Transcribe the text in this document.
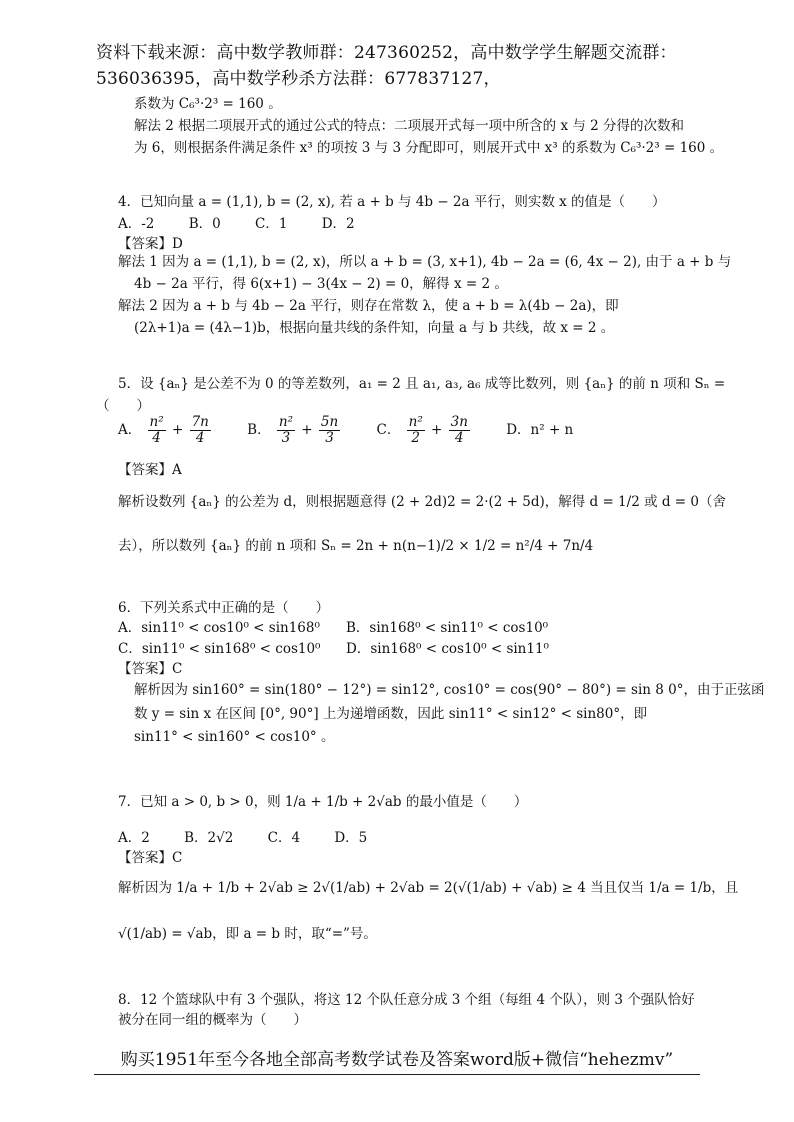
资料下载来源：高中数学教师群：247360252，高中数学学生解题交流群：
536036395，高中数学秒杀方法群：677837127，
系数为 C₆³·2³ = 160 。
解法 2 根据二项展开式的通过公式的特点：二项展开式每一项中所含的 x 与 2 分得的次数和
为 6，则根据条件满足条件 x³ 的项按 3 与 3 分配即可，则展开式中 x³ 的系数为 C₆³·2³ = 160 。
4．已知向量 a = (1,1), b = (2, x), 若 a + b 与 4b − 2a 平行，则实数 x 的值是（　　）
A．-2	B．0	C．1	D．2
【答案】D
解法 1 因为 a = (1,1), b = (2, x)，所以 a + b = (3, x+1), 4b − 2a = (6, 4x − 2), 由于 a + b 与
4b − 2a 平行，得 6(x+1) − 3(4x − 2) = 0，解得 x = 2 。
解法 2 因为 a + b 与 4b − 2a 平行，则存在常数 λ，使 a + b = λ(4b − 2a)，即
(2λ+1)a = (4λ−1)b，根据向量共线的条件知，向量 a 与 b 共线，故 x = 2 。
5．设 {aₙ} 是公差不为 0 的等差数列，a₁ = 2 且 a₁, a₃, a₆ 成等比数列，则 {aₙ} 的前 n 项和 Sₙ =
（　　）
A． $\frac{\text{n²}}{4} + \frac{7n}{4}$	B． $\frac{\text{n²}}{3} + \frac{5n}{3}$	C． $\frac{\text{n²}}{2} + \frac{3n}{4}$	D．n² + n
【答案】A
解析设数列 {aₙ} 的公差为 d，则根据题意得 (2 + 2d)2 = 2·(2 + 5d)，解得 d = 1/2 或 d = 0（舍
去），所以数列 {aₙ} 的前 n 项和 Sₙ = 2n + n(n−1)/2 × 1/2 = n²/4 + 7n/4
6．下列关系式中正确的是（　　）
A．sin11⁰ < cos10⁰ < sin168⁰ B．sin168⁰ < sin11⁰ < cos10⁰
C．sin11⁰ < sin168⁰ < cos10⁰ D．sin168⁰ < cos10⁰ < sin11⁰
【答案】C
解析因为 sin160° = sin(180° − 12°) = sin12°, cos10° = cos(90° − 80°) = sin 8 0°，由于正弦函
数 y = sin x 在区间 [0°, 90°] 上为递增函数，因此 sin11° < sin12° < sin80°，即
sin11° < sin160° < cos10° 。
7．已知 a > 0, b > 0，则 1/a + 1/b + 2√ab 的最小值是（　　）
A．2	B．2√2	C．4	D．5
【答案】C
解析因为 1/a + 1/b + 2√ab ≥ 2√(1/ab) + 2√ab = 2(√(1/ab) + √ab) ≥ 4 当且仅当 1/a = 1/b，且
√(1/ab) = √ab，即 a = b 时，取“=”号。
8．12 个篮球队中有 3 个强队，将这 12 个队任意分成 3 个组（每组 4 个队），则 3 个强队恰好
被分在同一组的概率为（　　）
购买1951年至今各地全部高考数学试卷及答案word版+微信“hehezmv”
